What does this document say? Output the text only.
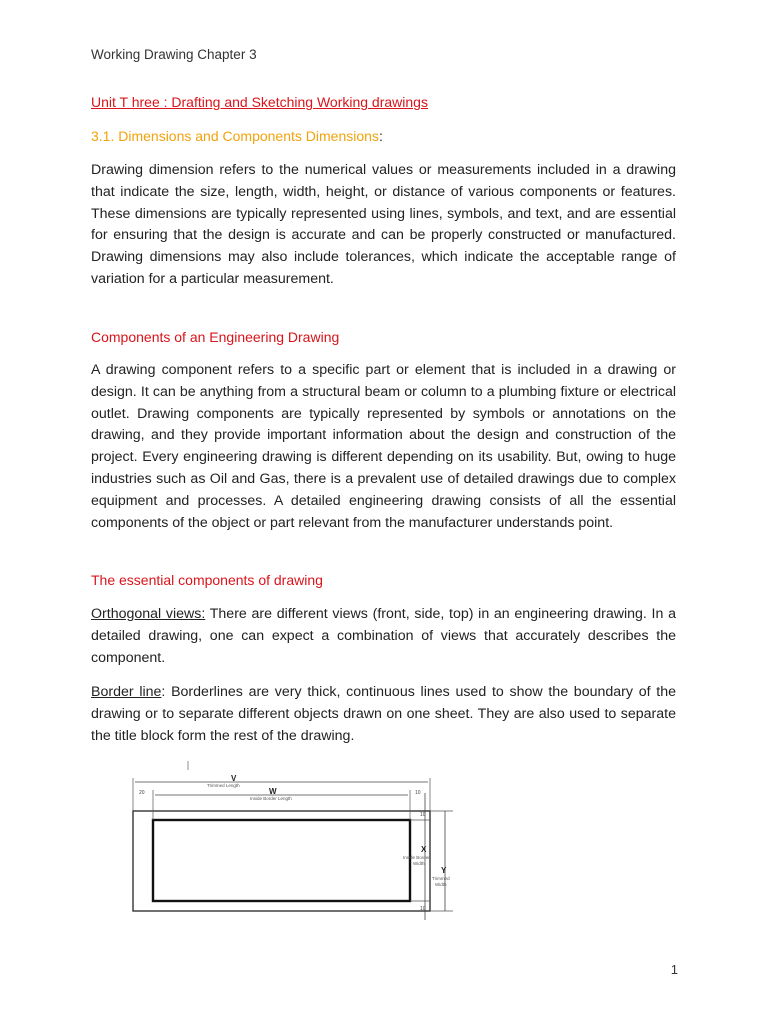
Working Drawing Chapter 3
Unit T hree : Drafting and Sketching Working drawings
3.1. Dimensions and Components Dimensions:

Drawing dimension refers to the numerical values or measurements included in a drawing that indicate the size, length, width, height, or distance of various components or features. These dimensions are typically represented using lines, symbols, and text, and are essential for ensuring that the design is accurate and can be properly constructed or manufactured. Drawing dimensions may also include tolerances, which indicate the acceptable range of variation for a particular measurement.

Components of an Engineering Drawing

A drawing component refers to a specific part or element that is included in a drawing or design. It can be anything from a structural beam or column to a plumbing fixture or electrical outlet. Drawing components are typically represented by symbols or annotations on the drawing, and they provide important information about the design and construction of the project. Every engineering drawing is different depending on its usability. But, owing to huge industries such as Oil and Gas, there is a prevalent use of detailed drawings due to complex equipment and processes. A detailed engineering drawing consists of all the essential components of the object or part relevant from the manufacturer understands point.

The essential components of drawing

Orthogonal views: There are different views (front, side, top) in an engineering drawing. In a detailed drawing, one can expect a combination of views that accurately describes the component.

Border line: Borderlines are very thick, continuous lines used to show the boundary of the drawing or to separate different objects drawn on one sheet. They are also used to separate the title block form the rest of the drawing.

V
Trimmed Length
W
Inside Border Length
20	10
10
X
Inside Border
Width
10
Y
Trimmed
Width
1
